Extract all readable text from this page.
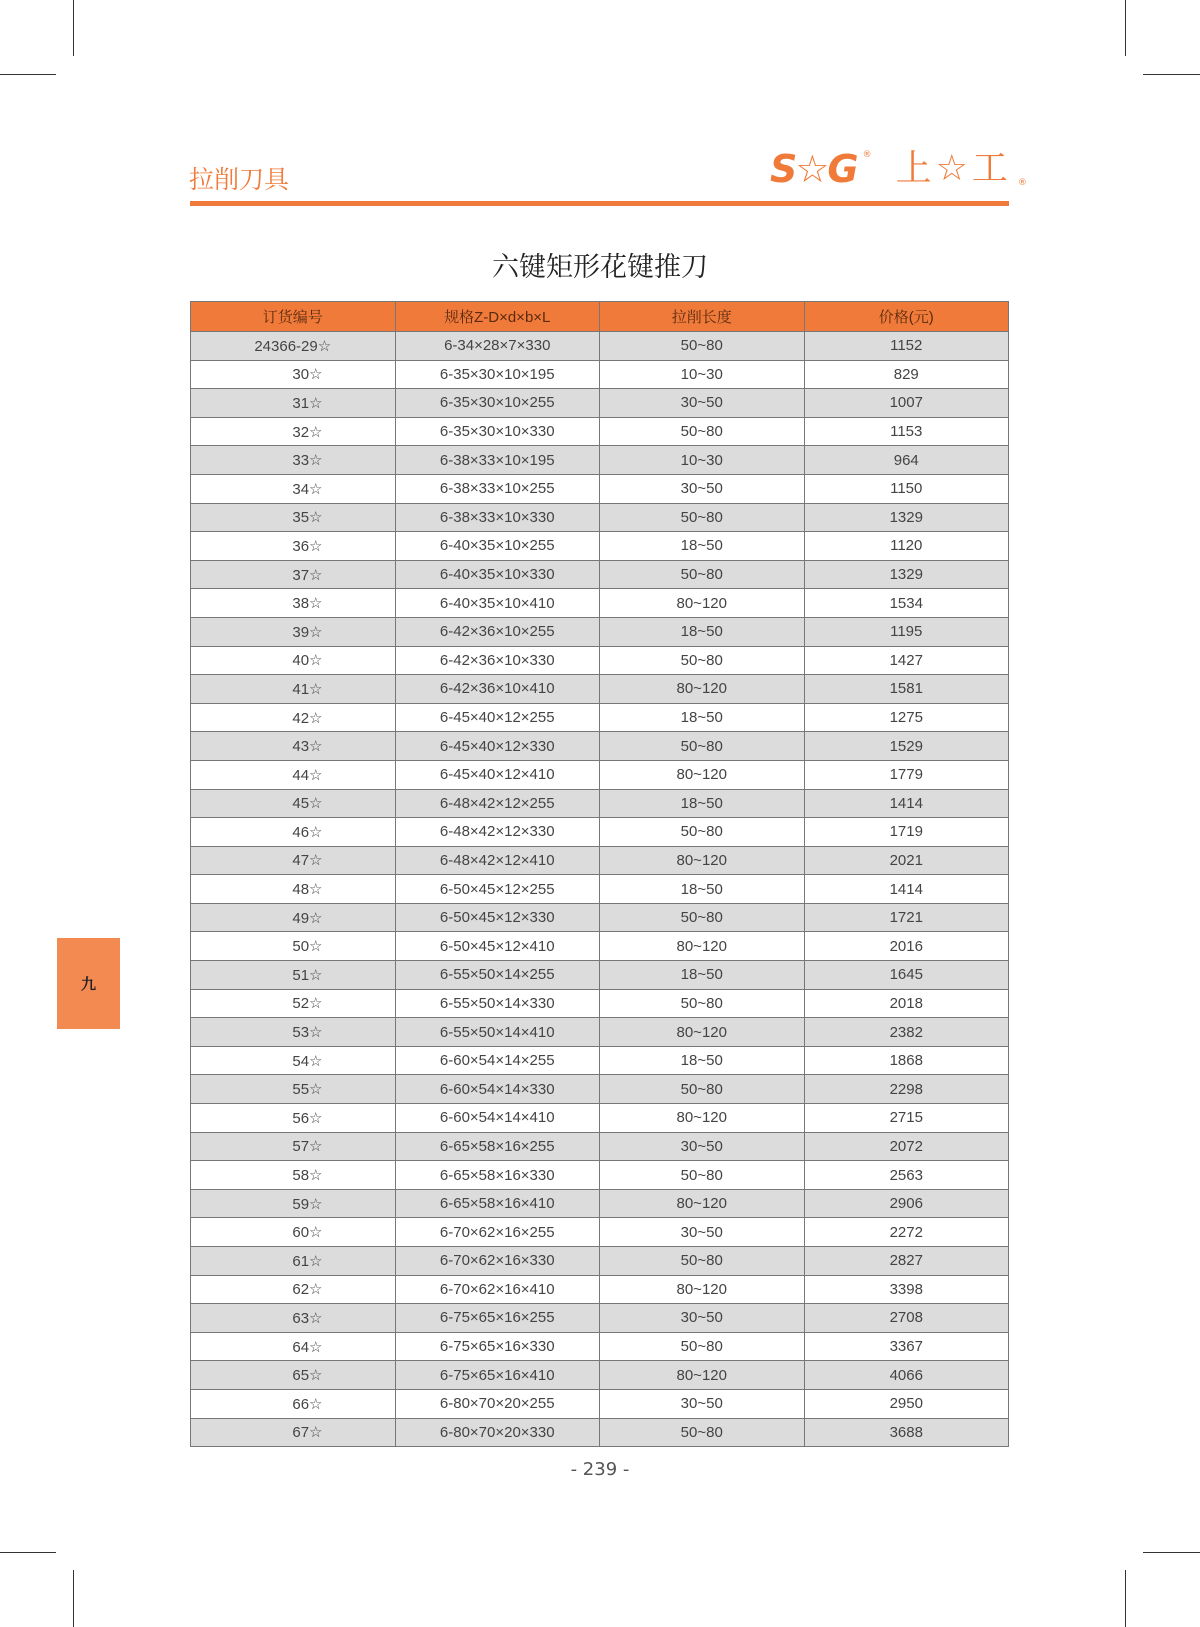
拉削刀具	S☆G ® 上☆工 ®
六键矩形花键推刀
订货编号	规格Z-D×d×b×L	拉削长度	价格(元)
24366-29☆	6-34×28×7×330	50~80	1152
30☆	6-35×30×10×195	10~30	829
31☆	6-35×30×10×255	30~50	1007
32☆	6-35×30×10×330	50~80	1153
33☆	6-38×33×10×195	10~30	964
34☆	6-38×33×10×255	30~50	1150
35☆	6-38×33×10×330	50~80	1329
36☆	6-40×35×10×255	18~50	1120
37☆	6-40×35×10×330	50~80	1329
38☆	6-40×35×10×410	80~120	1534
39☆	6-42×36×10×255	18~50	1195
40☆	6-42×36×10×330	50~80	1427
41☆	6-42×36×10×410	80~120	1581
42☆	6-45×40×12×255	18~50	1275
43☆	6-45×40×12×330	50~80	1529
44☆	6-45×40×12×410	80~120	1779
45☆	6-48×42×12×255	18~50	1414
46☆	6-48×42×12×330	50~80	1719
47☆	6-48×42×12×410	80~120	2021
48☆	6-50×45×12×255	18~50	1414
49☆	6-50×45×12×330	50~80	1721
50☆	6-50×45×12×410	80~120	2016
51☆	6-55×50×14×255	18~50	1645
52☆	6-55×50×14×330	50~80	2018
53☆	6-55×50×14×410	80~120	2382
54☆	6-60×54×14×255	18~50	1868
55☆	6-60×54×14×330	50~80	2298
56☆	6-60×54×14×410	80~120	2715
57☆	6-65×58×16×255	30~50	2072
58☆	6-65×58×16×330	50~80	2563
59☆	6-65×58×16×410	80~120	2906
60☆	6-70×62×16×255	30~50	2272
61☆	6-70×62×16×330	50~80	2827
62☆	6-70×62×16×410	80~120	3398
63☆	6-75×65×16×255	30~50	2708
64☆	6-75×65×16×330	50~80	3367
65☆	6-75×65×16×410	80~120	4066
66☆	6-80×70×20×255	30~50	2950
67☆	6-80×70×20×330	50~80	3688
- 239 -
九
